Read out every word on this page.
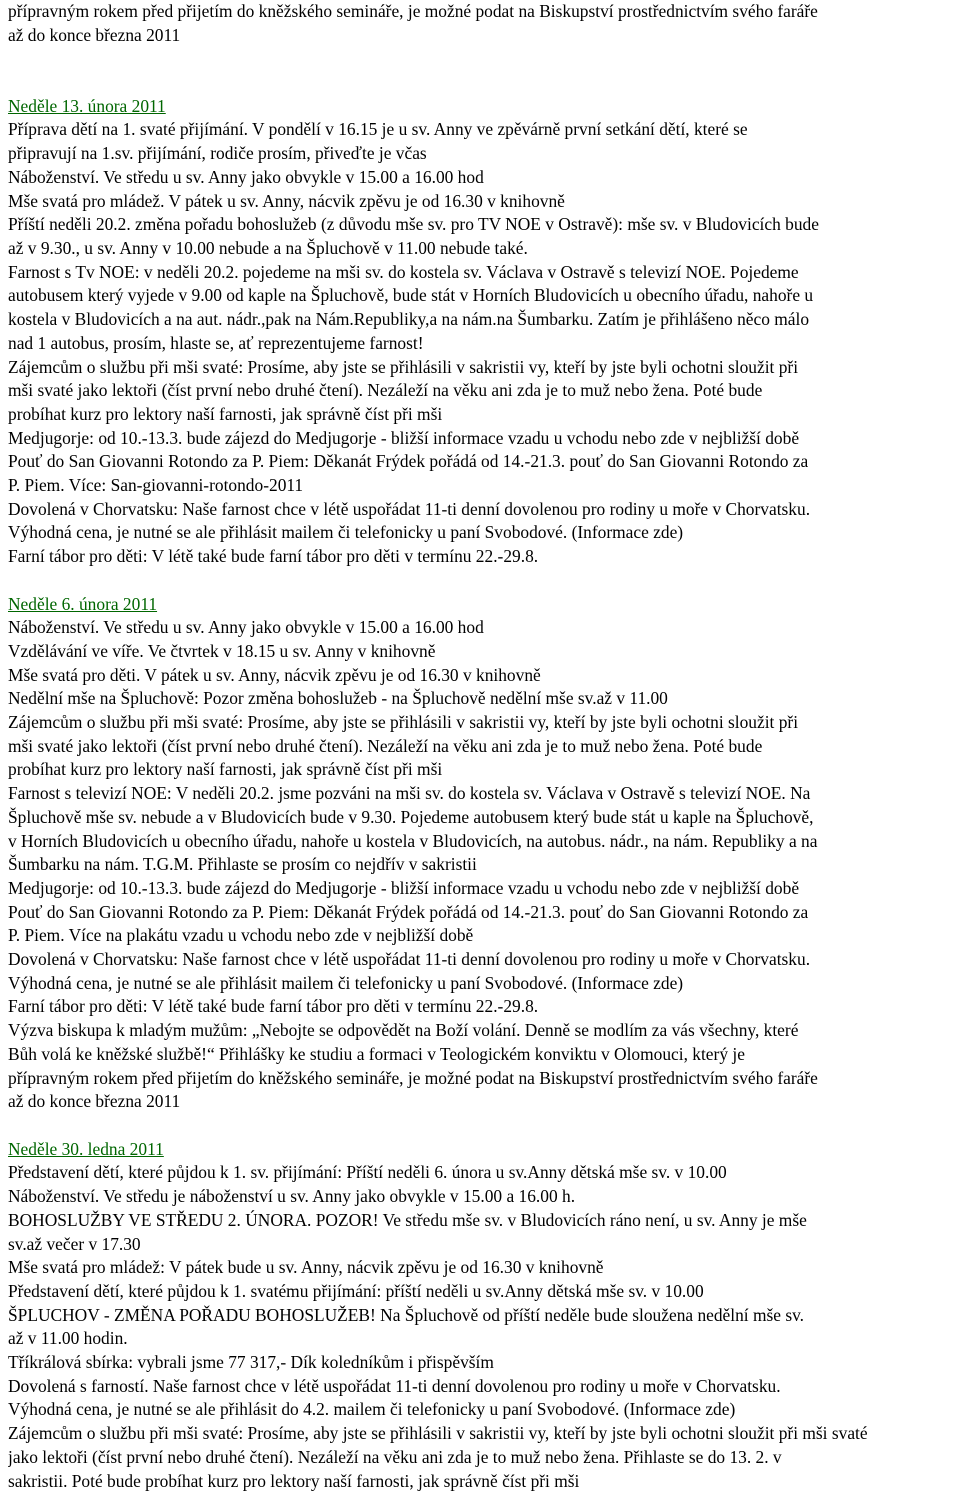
přípravným rokem před přijetím do kněžského semináře, je možné podat na Biskupství prostřednictvím svého faráře
až do konce března 2011
Neděle 13. února 2011
Příprava dětí na 1. svaté přijímání. V pondělí v 16.15 je u sv. Anny ve zpěvárně první setkání dětí, které se
připravují na 1.sv. přijímání, rodiče prosím, přiveďte je včas
Náboženství. Ve středu u sv. Anny jako obvykle v 15.00 a 16.00 hod
Mše svatá pro mládež. V pátek u sv. Anny, nácvik zpěvu je od 16.30 v knihovně
Příští neděli 20.2. změna pořadu bohoslužeb (z důvodu mše sv. pro TV NOE v Ostravě): mše sv. v Bludovicích bude
až v 9.30., u sv. Anny v 10.00 nebude a na Špluchově v 11.00 nebude také.
Farnost s Tv NOE: v neděli 20.2. pojedeme na mši sv. do kostela sv. Václava v Ostravě s televizí NOE. Pojedeme
autobusem který vyjede v 9.00 od kaple na Špluchově, bude stát v Horních Bludovicích u obecního úřadu, nahoře u
kostela v Bludovicích a na aut. nádr.,pak na Nám.Republiky,a na nám.na Šumbarku. Zatím je přihlášeno něco málo
nad 1 autobus, prosím, hlaste se, ať reprezentujeme farnost!
Zájemcům o službu při mši svaté: Prosíme, aby jste se přihlásili v sakristii vy, kteří by jste byli ochotni sloužit při
mši svaté jako lektoři (číst první nebo druhé čtení). Nezáleží na věku ani zda je to muž nebo žena. Poté bude
probíhat kurz pro lektory naší farnosti, jak správně číst při mši
Medjugorje: od 10.-13.3. bude zájezd do Medjugorje - bližší informace vzadu u vchodu nebo zde v nejbližší době
Pouť do San Giovanni Rotondo za P. Piem: Děkanát Frýdek pořádá od 14.-21.3. pouť do San Giovanni Rotondo za
P. Piem. Více: San-giovanni-rotondo-2011
Dovolená v Chorvatsku: Naše farnost chce v létě uspořádat 11-ti denní dovolenou pro rodiny u moře v Chorvatsku.
Výhodná cena, je nutné se ale přihlásit mailem či telefonicky u paní Svobodové. (Informace zde)
Farní tábor pro děti: V létě také bude farní tábor pro děti v termínu 22.-29.8.
Neděle 6. února 2011
Náboženství. Ve středu u sv. Anny jako obvykle v 15.00 a 16.00 hod
Vzdělávání ve víře. Ve čtvrtek v 18.15 u sv. Anny v knihovně
Mše svatá pro děti. V pátek u sv. Anny, nácvik zpěvu je od 16.30 v knihovně
Nedělní mše na Špluchově: Pozor změna bohoslužeb - na Špluchově nedělní mše sv.až v 11.00
Zájemcům o službu při mši svaté: Prosíme, aby jste se přihlásili v sakristii vy, kteří by jste byli ochotni sloužit při
mši svaté jako lektoři (číst první nebo druhé čtení). Nezáleží na věku ani zda je to muž nebo žena. Poté bude
probíhat kurz pro lektory naší farnosti, jak správně číst při mši
Farnost s televizí NOE: V neděli 20.2. jsme pozváni na mši sv. do kostela sv. Václava v Ostravě s televizí NOE. Na
Špluchově mše sv. nebude a v Bludovicích bude v 9.30. Pojedeme autobusem který bude stát u kaple na Špluchově,
v Horních Bludovicích u obecního úřadu, nahoře u kostela v Bludovicích, na autobus. nádr., na nám. Republiky a na
Šumbarku na nám. T.G.M. Přihlaste se prosím co nejdřív v sakristii
Medjugorje: od 10.-13.3. bude zájezd do Medjugorje - bližší informace vzadu u vchodu nebo zde v nejbližší době
Pouť do San Giovanni Rotondo za P. Piem: Děkanát Frýdek pořádá od 14.-21.3. pouť do San Giovanni Rotondo za
P. Piem. Více na plakátu vzadu u vchodu nebo zde v nejbližší době
Dovolená v Chorvatsku: Naše farnost chce v létě uspořádat 11-ti denní dovolenou pro rodiny u moře v Chorvatsku.
Výhodná cena, je nutné se ale přihlásit mailem či telefonicky u paní Svobodové. (Informace zde)
Farní tábor pro děti: V létě také bude farní tábor pro děti v termínu 22.-29.8.
Výzva biskupa k mladým mužům: „Nebojte se odpovědět na Boží volání. Denně se modlím za vás všechny, které
Bůh volá ke kněžské službě!“ Přihlášky ke studiu a formaci v Teologickém konviktu v Olomouci, který je
přípravným rokem před přijetím do kněžského semináře, je možné podat na Biskupství prostřednictvím svého faráře
až do konce března 2011
Neděle 30. ledna 2011
Představení dětí, které půjdou k 1. sv. přijímání: Příští neděli 6. února u sv.Anny dětská mše sv. v 10.00
Náboženství. Ve středu je náboženství u sv. Anny jako obvykle v 15.00 a 16.00 h.
BOHOSLUŽBY VE STŘEDU 2. ÚNORA. POZOR! Ve středu mše sv. v Bludovicích ráno není, u sv. Anny je mše
sv.až večer v 17.30
Mše svatá pro mládež: V pátek bude u sv. Anny, nácvik zpěvu je od 16.30 v knihovně
Představení dětí, které půjdou k 1. svatému přijímání: příští neděli u sv.Anny dětská mše sv. v 10.00
ŠPLUCHOV - ZMĚNA POŘADU BOHOSLUŽEB! Na Špluchově od příští neděle bude sloužena nedělní mše sv.
až v 11.00 hodin.
Tříkrálová sbírka: vybrali jsme 77 317,- Dík koledníkům i přispěvším
Dovolená s farností. Naše farnost chce v létě uspořádat 11-ti denní dovolenou pro rodiny u moře v Chorvatsku.
Výhodná cena, je nutné se ale přihlásit do 4.2. mailem či telefonicky u paní Svobodové. (Informace zde)
Zájemcům o službu při mši svaté: Prosíme, aby jste se přihlásili v sakristii vy, kteří by jste byli ochotni sloužit při mši svaté
jako lektoři (číst první nebo druhé čtení). Nezáleží na věku ani zda je to muž nebo žena. Přihlaste se do 13. 2. v
sakristii. Poté bude probíhat kurz pro lektory naší farnosti, jak správně číst při mši
